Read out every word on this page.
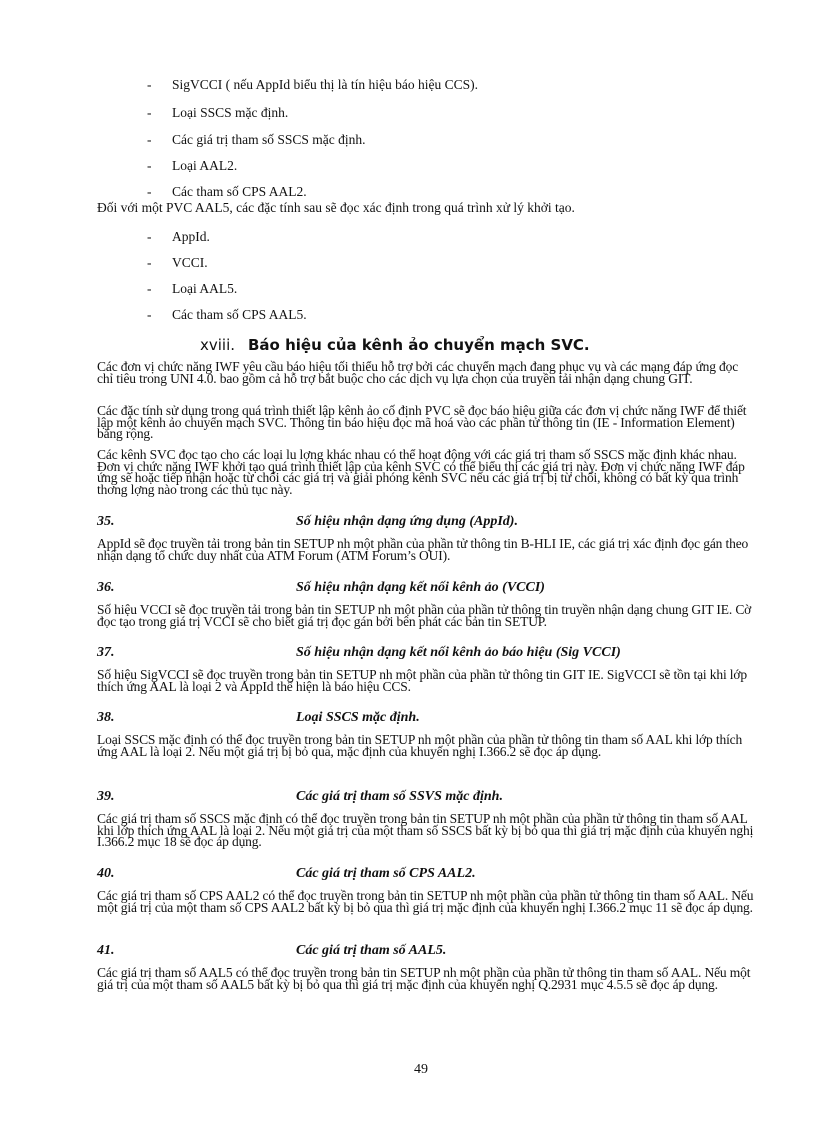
- SigVCCI ( nếu AppId biểu thị là tín hiệu báo hiệu CCS).
- Loại SSCS mặc định.
- Các giá trị tham số SSCS mặc định.
- Loại AAL2.
- Các tham số CPS AAL2.
Đối với một PVC AAL5, các đặc tính sau sẽ đọc xác định trong quá trình xử lý khởi tạo.
- AppId.
- VCCI.
- Loại AAL5.
- Các tham số CPS AAL5.
xviii. Báo hiệu của kênh ảo chuyển mạch SVC.
Các đơn vị chức năng IWF yêu cầu báo hiệu tối thiểu hỗ trợ bởi các chuyển mạch đang phục vụ và các mạng đáp ứng đọc chỉ tiêu trong UNI 4.0. bao gồm cả hỗ trợ bắt buộc cho các dịch vụ lựa chọn của truyền tải nhận dạng chung GIT.
Các đặc tính sử dụng trong quá trình thiết lập kênh ảo cố định PVC sẽ đọc báo hiệu giữa các đơn vị chức năng IWF để thiết lập một kênh ảo chuyển mạch SVC. Thông tin báo hiệu đọc mã hoá vào các phần tử thông tin (IE - Information Element) băng rộng.
Các kênh SVC đọc tạo cho các loại lu lợng khác nhau có thể hoạt động với các giá trị tham số SSCS mặc định khác nhau. Đơn vị chức năng IWF khởi tạo quá trình thiết lập của kênh SVC có thể biểu thị các giá trị này. Đơn vị chức năng IWF đáp ứng sẽ hoặc tiếp nhận hoặc từ chối các giá trị và giải phóng kênh SVC nếu các giá trị bị từ chối, không có bất kỳ qua trình thơng lợng nào trong các thủ tục này.
35.	Số hiệu nhận dạng ứng dụng (AppId).
AppId sẽ đọc truyền tải trong bản tin SETUP nh một phần của phần tử thông tin B-HLI IE, các giá trị xác định đọc gán theo nhận dạng tổ chức duy nhất của ATM Forum (ATM Forum’s OUI).
36.	Số hiệu nhận dạng kết nối kênh ảo (VCCI)
Số hiệu VCCI sẽ đọc truyền tải trong bản tin SETUP nh một phần của phần tử thông tin truyền nhận dạng chung GIT IE. Cờ đọc tạo trong giá trị VCCI sẽ cho biết giá trị đọc gán bởi bên phát các bản tin SETUP.
37.	Số hiệu nhận dạng kết nối kênh ảo báo hiệu (Sig VCCI)
Số hiệu SigVCCI sẽ đọc truyền trong bản tin SETUP nh một phần của phần tử thông tin GIT IE. SigVCCI sẽ tồn tại khi lớp thích ứng AAL là loại 2 và AppId thể hiện là báo hiệu CCS.
38.	Loại SSCS mặc định.
Loại SSCS mặc định có thể đọc truyền trong bản tin SETUP nh một phần của phần tử thông tin tham số AAL khi lớp thích ứng AAL là loại 2. Nếu một giá trị bị bỏ qua, mặc định của khuyến nghị I.366.2 sẽ đọc áp dụng.
39.	Các giá trị tham số SSVS mặc định.
Các giá trị tham số SSCS mặc định có thể đọc truyền trong bản tin SETUP nh một phần của phần tử thông tin tham số AAL khi lớp thích ứng AAL là loại 2. Nếu một giá trị của một tham số SSCS bất kỳ bị bỏ qua thì giá trị mặc định của khuyến nghị I.366.2 mục 18 sẽ đọc áp dụng.
40.	Các giá trị tham số CPS AAL2.
Các giá trị tham số CPS AAL2 có thể đọc truyền trong bản tin SETUP nh một phần của phần tử thông tin tham số AAL. Nếu một giá trị của một tham số CPS AAL2 bất kỳ bị bỏ qua thì giá trị mặc định của khuyến nghị I.366.2 mục 11 sẽ đọc áp dụng.
41.	Các giá trị tham số AAL5.
Các giá trị tham số AAL5 có thể đọc truyền trong bản tin SETUP nh một phần của phần tử thông tin tham số AAL. Nếu một giá trị của một tham số AAL5 bất kỳ bị bỏ qua thì giá trị mặc định của khuyến nghị Q.2931 mục 4.5.5 sẽ đọc áp dụng.
49
